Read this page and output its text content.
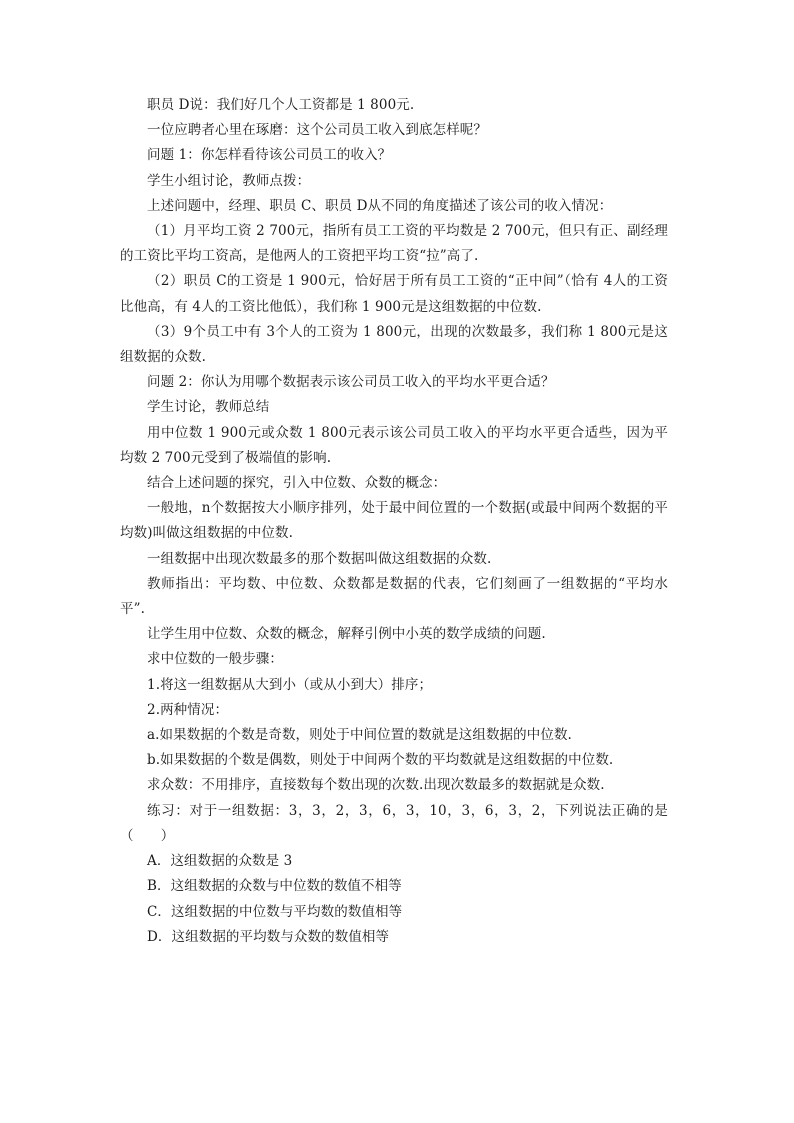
职员 D说：我们好几个人工资都是 1 800元.

一位应聘者心里在琢磨：这个公司员工收入到底怎样呢？

问题 1：你怎样看待该公司员工的收入？

学生小组讨论，教师点拨：

上述问题中，经理、职员 C、职员 D从不同的角度描述了该公司的收入情况：

（1）月平均工资 2 700元，指所有员工工资的平均数是 2 700元，但只有正、副经理的工资比平均工资高，是他两人的工资把平均工资“拉”高了.

（2）职员 C的工资是 1 900元，恰好居于所有员工工资的“正中间”（恰有 4人的工资比他高，有 4人的工资比他低），我们称 1 900元是这组数据的中位数.

（3）9个员工中有 3个人的工资为 1 800元，出现的次数最多，我们称 1 800元是这组数据的众数.

问题 2：你认为用哪个数据表示该公司员工收入的平均水平更合适？

学生讨论，教师总结

用中位数 1 900元或众数 1 800元表示该公司员工收入的平均水平更合适些，因为平均数 2 700元受到了极端值的影响.

结合上述问题的探究，引入中位数、众数的概念：

一般地，n个数据按大小顺序排列，处于最中间位置的一个数据(或最中间两个数据的平均数)叫做这组数据的中位数.

一组数据中出现次数最多的那个数据叫做这组数据的众数.

教师指出：平均数、中位数、众数都是数据的代表，它们刻画了一组数据的“平均水平”.

让学生用中位数、众数的概念，解释引例中小英的数学成绩的问题.

求中位数的一般步骤：

1.将这一组数据从大到小（或从小到大）排序；

2.两种情况：

a.如果数据的个数是奇数，则处于中间位置的数就是这组数据的中位数.

b.如果数据的个数是偶数，则处于中间两个数的平均数就是这组数据的中位数.

求众数：不用排序，直接数每个数出现的次数.出现次数最多的数据就是众数.

练习：对于一组数据：3，3，2，3，6，3，10，3，6，3，2，下列说法正确的是（　　）

A．这组数据的众数是 3

B．这组数据的众数与中位数的数值不相等

C．这组数据的中位数与平均数的数值相等

D．这组数据的平均数与众数的数值相等
